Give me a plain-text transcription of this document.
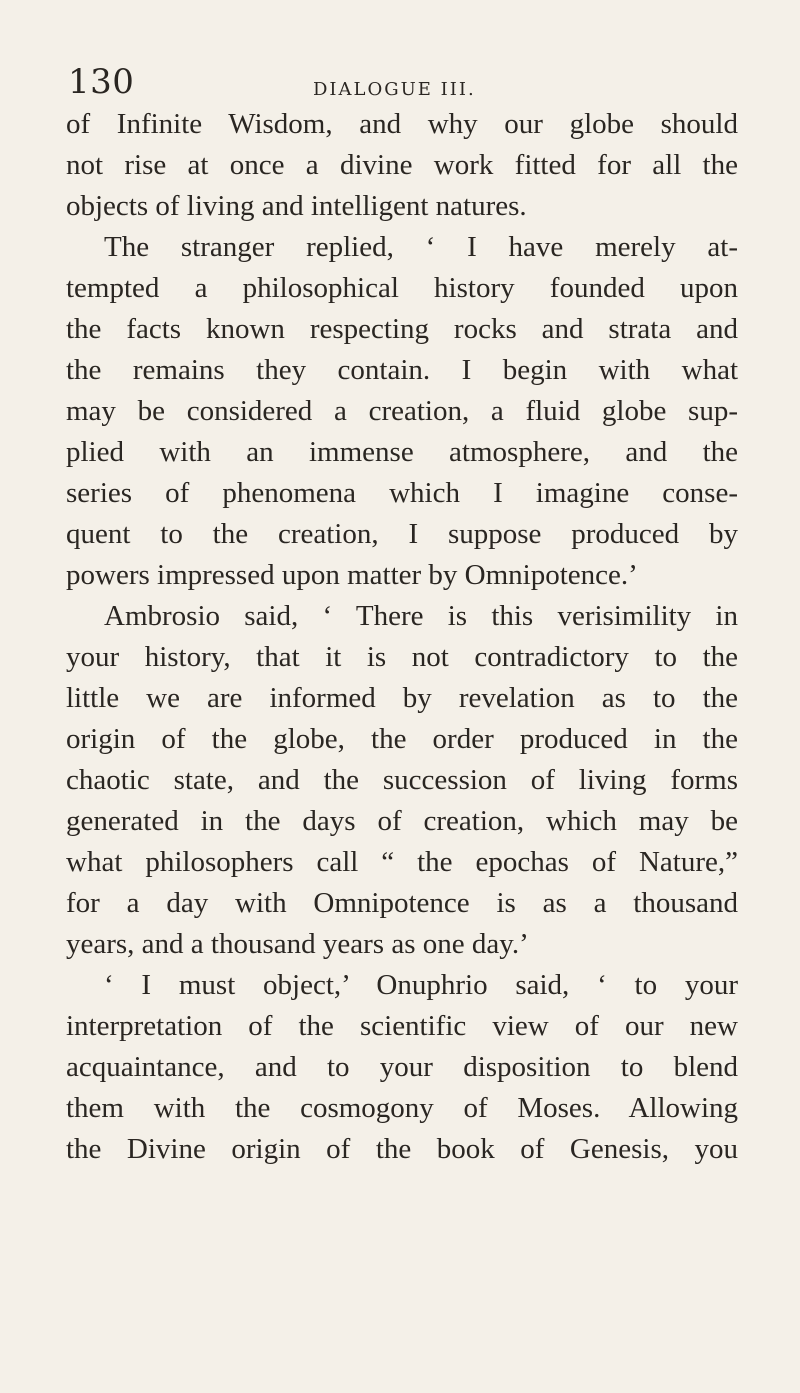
130	DIALOGUE III.
of Infinite Wisdom, and why our globe should
not rise at once a divine work fitted for all the
objects of living and intelligent natures.
The stranger replied, ‘ I have merely at-
tempted a philosophical history founded upon
the facts known respecting rocks and strata and
the remains they contain. I begin with what
may be considered a creation, a fluid globe sup-
plied with an immense atmosphere, and the
series of phenomena which I imagine conse-
quent to the creation, I suppose produced by
powers impressed upon matter by Omnipotence.’
Ambrosio said, ‘ There is this verisimility in
your history, that it is not contradictory to the
little we are informed by revelation as to the
origin of the globe, the order produced in the
chaotic state, and the succession of living forms
generated in the days of creation, which may be
what philosophers call “ the epochas of Nature,”
for a day with Omnipotence is as a thousand
years, and a thousand years as one day.’
‘ I must object,’ Onuphrio said, ‘ to your
interpretation of the scientific view of our new
acquaintance, and to your disposition to blend
them with the cosmogony of Moses. Allowing
the Divine origin of the book of Genesis, you
